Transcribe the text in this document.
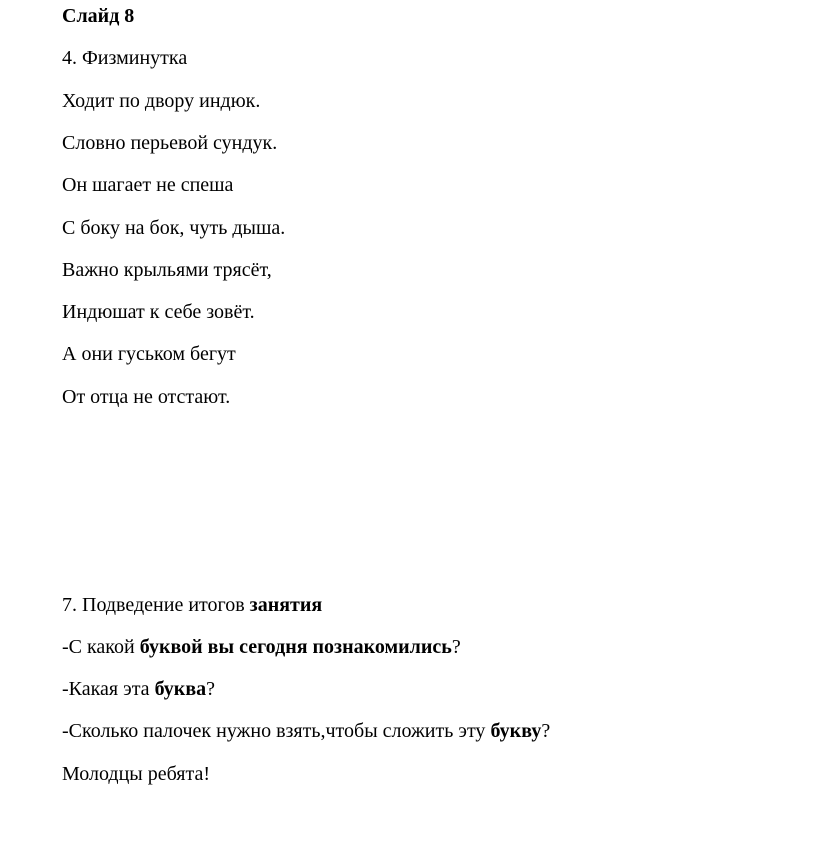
Слайд 8
4. Физминутка
Ходит по двору индюк.
Словно перьевой сундук.
Он шагает не спеша
С боку на бок, чуть дыша.
Важно крыльями трясёт,
Индюшат к себе зовёт.
А они гуськом бегут
От отца не отстают.
7. Подведение итогов занятия
-С какой буквой вы сегодня познакомились?
-Какая эта буква?
-Сколько палочек нужно взять,чтобы сложить эту букву?
Молодцы ребята!
